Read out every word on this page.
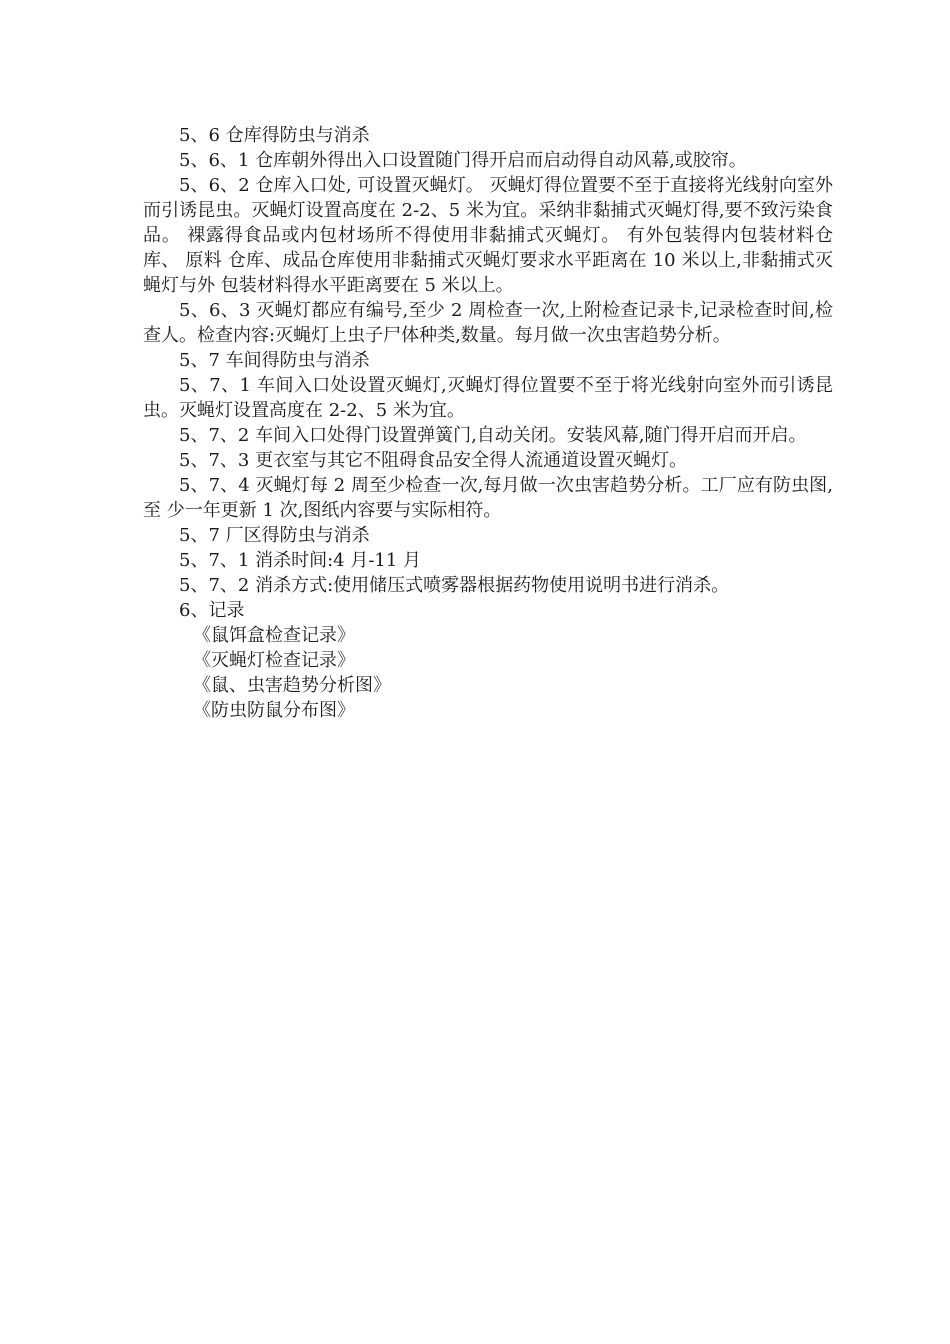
5、6 仓库得防虫与消杀

5、6、1 仓库朝外得出入口设置随门得开启而启动得自动风幕,或胶帘。

5、6、2 仓库入口处, 可设置灭蝇灯。 灭蝇灯得位置要不至于直接将光线射向室外而引诱昆虫。灭蝇灯设置高度在 2-2、5 米为宜。采纳非黏捕式灭蝇灯得,要不致污染食品。 裸露得食品或内包材场所不得使用非黏捕式灭蝇灯。 有外包装得内包装材料仓库、 原料 仓库、成品仓库使用非黏捕式灭蝇灯要求水平距离在 10 米以上,非黏捕式灭蝇灯与外 包装材料得水平距离要在 5 米以上。

5、6、3 灭蝇灯都应有编号,至少 2 周检查一次,上附检查记录卡,记录检查时间,检查人。检查内容:灭蝇灯上虫子尸体种类,数量。每月做一次虫害趋势分析。

5、7 车间得防虫与消杀

5、7、1 车间入口处设置灭蝇灯,灭蝇灯得位置要不至于将光线射向室外而引诱昆虫。灭蝇灯设置高度在 2-2、5 米为宜。

5、7、2 车间入口处得门设置弹簧门,自动关闭。安装风幕,随门得开启而开启。

5、7、3 更衣室与其它不阻碍食品安全得人流通道设置灭蝇灯。

5、7、4 灭蝇灯每 2 周至少检查一次,每月做一次虫害趋势分析。工厂应有防虫图,至 少一年更新 1 次,图纸内容要与实际相符。

5、7 厂区得防虫与消杀

5、7、1 消杀时间:4 月-11 月

5、7、2 消杀方式:使用储压式喷雾器根据药物使用说明书进行消杀。

6、记录

《鼠饵盒检查记录》

《灭蝇灯检查记录》

《鼠、虫害趋势分析图》

《防虫防鼠分布图》
